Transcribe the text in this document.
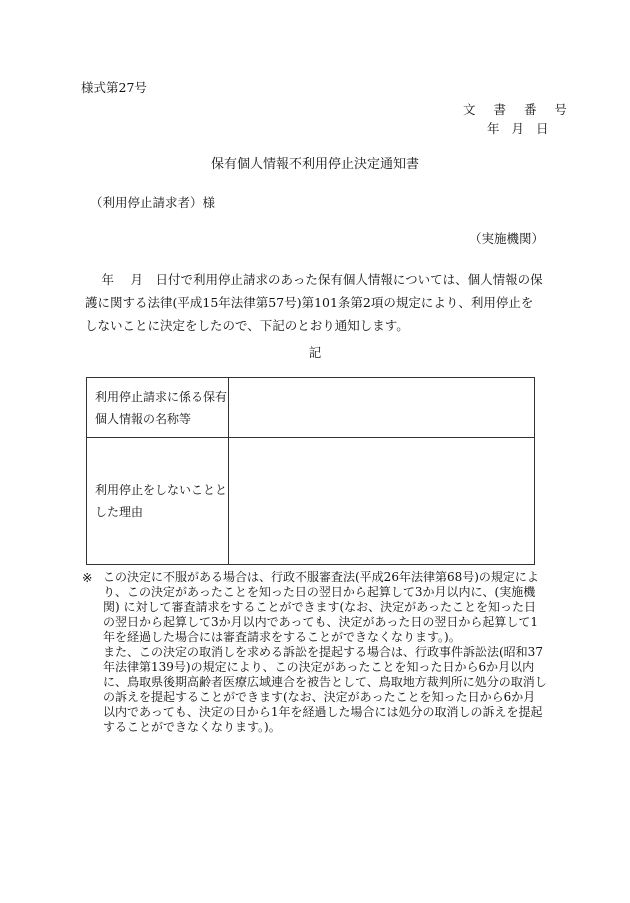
様式第27号
文 書 番 号
年 月 日
保有個人情報不利用停止決定通知書
（利用停止請求者）様
（実施機関）

　 年　 月　日付で利用停止請求のあった保有個人情報については、個人情報の保護に関する法律(平成15年法律第57号)第101条第2項の規定により、利用停止をしないことに決定をしたので、下記のとおり通知します。

記
利用停止請求に係る保有個人情報の名称等	
利用停止をしないこととした理由	
※ この決定に不服がある場合は、行政不服審査法(平成26年法律第68号)の規定により、この決定があったことを知った日の翌日から起算して3か月以内に、(実施機関) に対して審査請求をすることができます(なお、決定があったことを知った日の翌日から起算して3か月以内であっても、決定があった日の翌日から起算して1年を経過した場合には審査請求をすることができなくなります。)。

また、この決定の取消しを求める訴訟を提起する場合は、行政事件訴訟法(昭和37年法律第139号)の規定により、この決定があったことを知った日から6か月以内に、鳥取県後期高齢者医療広域連合を被告として、鳥取地方裁判所に処分の取消しの訴えを提起することができます(なお、決定があったことを知った日から6か月以内であっても、決定の日から1年を経過した場合には処分の取消しの訴えを提起することができなくなります。)。
